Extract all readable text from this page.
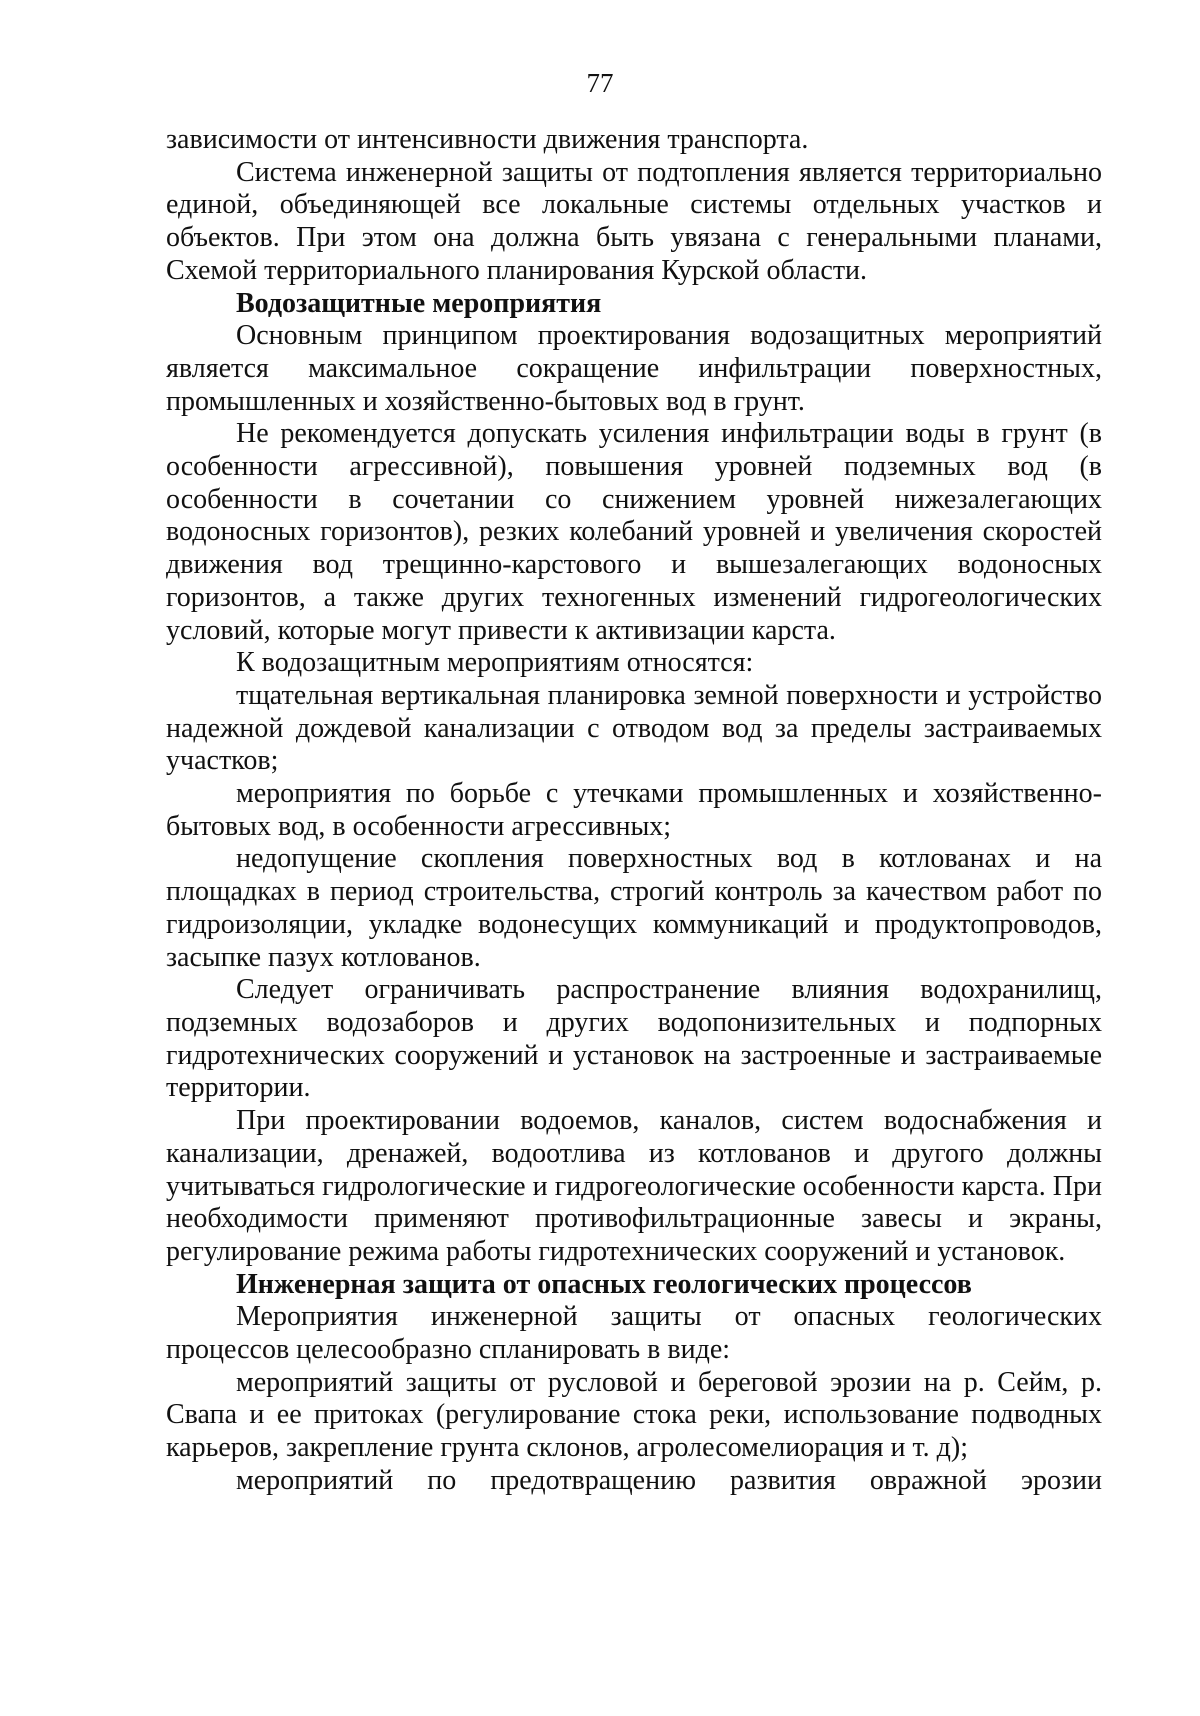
77

зависимости от интенсивности движения транспорта.

Система инженерной защиты от подтопления является территориально единой, объединяющей все локальные системы отдельных участков и объектов. При этом она должна быть увязана с генеральными планами, Схемой территориального планирования Курской области.

Водозащитные мероприятия

Основным принципом проектирования водозащитных мероприятий является максимальное сокращение инфильтрации поверхностных, промышленных и хозяйственно-бытовых вод в грунт.

Не рекомендуется допускать усиления инфильтрации воды в грунт (в особенности агрессивной), повышения уровней подземных вод (в особенности в сочетании со снижением уровней нижезалегающих водоносных горизонтов), резких колебаний уровней и увеличения скоростей движения вод трещинно-карстового и вышезалегающих водоносных горизонтов, а также других техногенных изменений гидрогеологических условий, которые могут привести к активизации карста.

К водозащитным мероприятиям относятся:

тщательная вертикальная планировка земной поверхности и устройство надежной дождевой канализации с отводом вод за пределы застраиваемых участков;

мероприятия по борьбе с утечками промышленных и хозяйственно-бытовых вод, в особенности агрессивных;

недопущение скопления поверхностных вод в котлованах и на площадках в период строительства, строгий контроль за качеством работ по гидроизоляции, укладке водонесущих коммуникаций и продуктопроводов, засыпке пазух котлованов.

Следует ограничивать распространение влияния водохранилищ, подземных водозаборов и других водопонизительных и подпорных гидротехнических сооружений и установок на застроенные и застраиваемые территории.

При проектировании водоемов, каналов, систем водоснабжения и канализации, дренажей, водоотлива из котлованов и другого должны учитываться гидрологические и гидрогеологические особенности карста. При необходимости применяют противофильтрационные завесы и экраны, регулирование режима работы гидротехнических сооружений и установок.

Инженерная защита от опасных геологических процессов

Мероприятия инженерной защиты от опасных геологических процессов целесообразно спланировать в виде:

мероприятий защиты от русловой и береговой эрозии на р. Сейм, р. Свапа и ее притоках (регулирование стока реки, использование подводных карьеров, закрепление грунта склонов, агролесомелиорация и т. д);

мероприятий по предотвращению развития овражной эрозии
